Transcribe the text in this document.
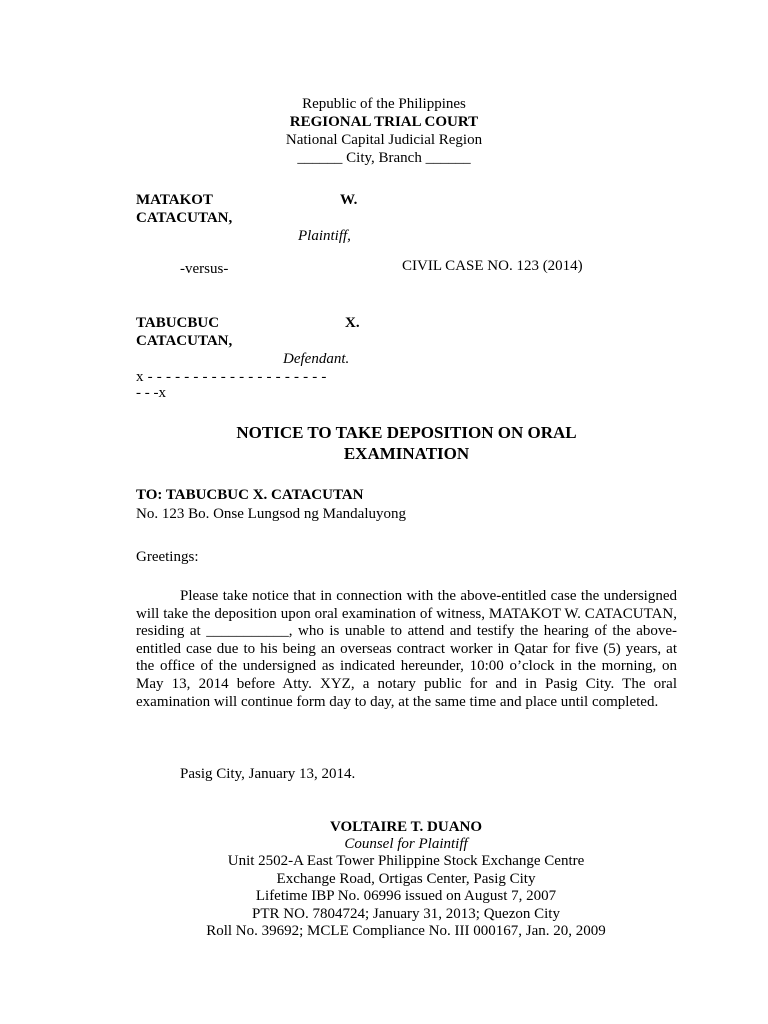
Republic of the Philippines
REGIONAL TRIAL COURT
National Capital Judicial Region
______ City, Branch ______
MATAKOT	W.
CATACUTAN,
Plaintiff,
-versus-	CIVIL CASE NO. 123 (2014)
TABUCBUC	X.
CATACUTAN,
Defendant.
x - - - - - - - - - - - - - - - - - - - -
- - -x
NOTICE TO TAKE DEPOSITION ON ORAL
EXAMINATION
TO: TABUCBUC X. CATACUTAN
No. 123 Bo. Onse Lungsod ng Mandaluyong
Greetings:
Please take notice that in connection with the above-entitled case the undersigned will take the deposition upon oral examination of witness, MATAKOT W. CATACUTAN, residing at ___________, who is unable to attend and testify the hearing of the above-entitled case due to his being an overseas contract worker in Qatar for five (5) years, at the office of the undersigned as indicated hereunder, 10:00 o’clock in the morning, on May 13, 2014 before Atty. XYZ, a notary public for and in Pasig City. The oral examination will continue form day to day, at the same time and place until completed.
Pasig City, January 13, 2014.
VOLTAIRE T. DUANO
Counsel for Plaintiff
Unit 2502-A East Tower Philippine Stock Exchange Centre
Exchange Road, Ortigas Center, Pasig City
Lifetime IBP No. 06996 issued on August 7, 2007
PTR NO. 7804724; January 31, 2013; Quezon City
Roll No. 39692; MCLE Compliance No. III 000167, Jan. 20, 2009
